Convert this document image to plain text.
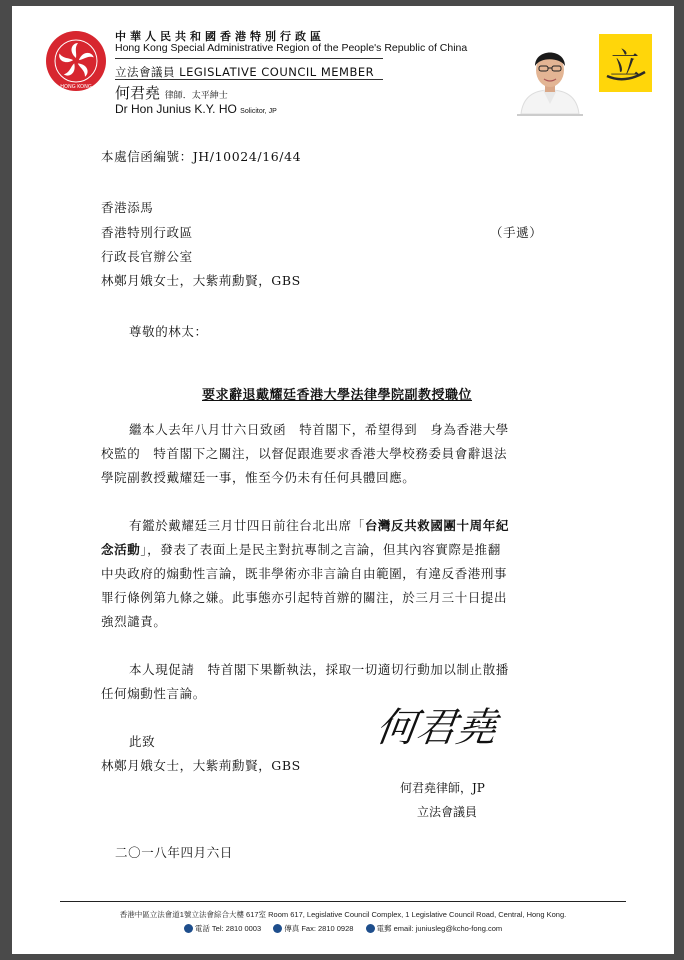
HONG KONG
中華人民共和國香港特別行政區
Hong Kong Special Administrative Region of the People's Republic of China
立法會議員 LEGISLATIVE COUNCIL MEMBER
何君堯 律師．太平紳士
Dr Hon Junius K.Y. HO Solicitor, JP
立
本處信函編號：JH/10024/16/44
香港添馬
香港特別行政區
行政長官辦公室
林鄭月娥女士，大紫荊勳賢，GBS
（手遞）
尊敬的林太：
要求辭退戴耀廷香港大學法律學院副教授職位
繼本人去年八月廿六日致函　特首閣下，希望得到　身為香港大學
校監的　特首閣下之關注，以督促跟進要求香港大學校務委員會辭退法
學院副教授戴耀廷一事，惟至今仍未有任何具體回應。
有鑑於戴耀廷三月廿四日前往台北出席「台灣反共救國團十周年紀
念活動」，發表了表面上是民主對抗專制之言論，但其內容實際是推翻
中央政府的煽動性言論，既非學術亦非言論自由範圍，有違反香港刑事
罪行條例第九條之嫌。此事態亦引起特首辦的關注，於三月三十日提出
強烈譴責。
本人現促請　特首閣下果斷執法，採取一切適切行動加以制止散播
任何煽動性言論。
此致
林鄭月娥女士，大紫荊勳賢，GBS
何君堯
何君堯律師，JP
立法會議員
二〇一八年四月六日
香港中區立法會道1號立法會綜合大樓 617室 Room 617, Legislative Council Complex, 1 Legislative Council Road, Central, Hong Kong.
電話 Tel: 2810 0003	傳真 Fax: 2810 0928	電郵 email: juniusleg@kcho-fong.com
